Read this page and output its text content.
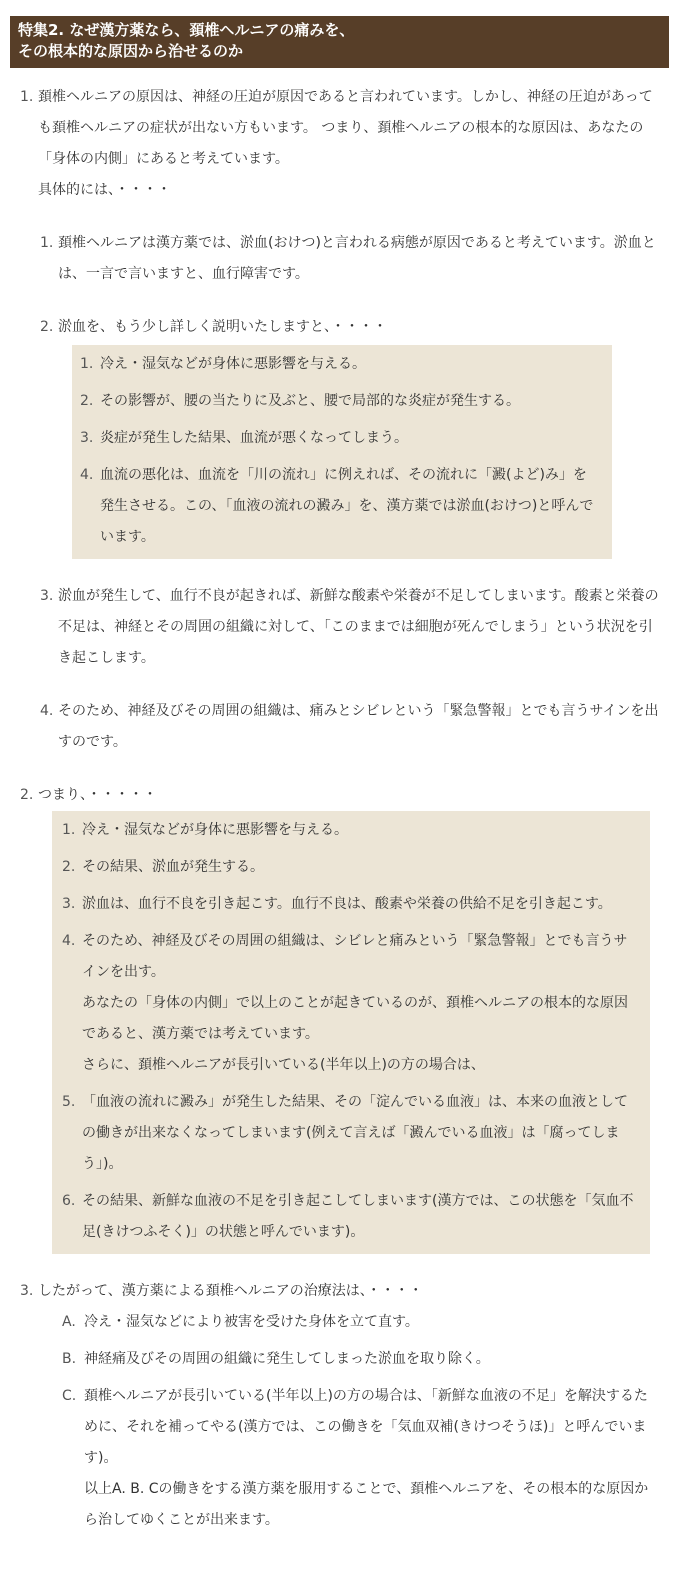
特集2. なぜ漢方薬なら、頚椎ヘルニアの痛みを、
その根本的な原因から治せるのか
1. 頚椎ヘルニアの原因は、神経の圧迫が原因であると言われています。しかし、神経の圧迫があっても頚椎ヘルニアの症状が出ない方もいます。 つまり、頚椎ヘルニアの根本的な原因は、あなたの「身体の内側」にあると考えています。
具体的には、・・・・
1. 頚椎ヘルニアは漢方薬では、淤血(おけつ)と言われる病態が原因であると考えています。淤血とは、一言で言いますと、血行障害です。
2. 淤血を、もう少し詳しく説明いたしますと、・・・・
1. 冷え・湿気などが身体に悪影響を与える。
2. その影響が、腰の当たりに及ぶと、腰で局部的な炎症が発生する。
3. 炎症が発生した結果、血流が悪くなってしまう。
4. 血流の悪化は、血流を「川の流れ」に例えれば、その流れに「澱(よど)み」を発生させる。この、「血液の流れの澱み」を、漢方薬では淤血(おけつ)と呼んでいます。
3. 淤血が発生して、血行不良が起きれば、新鮮な酸素や栄養が不足してしまいます。酸素と栄養の不足は、神経とその周囲の組織に対して、「このままでは細胞が死んでしまう」という状況を引き起こします。
4. そのため、神経及びその周囲の組織は、痛みとシビレという「緊急警報」とでも言うサインを出すのです。
2. つまり、・・・・・
1. 冷え・湿気などが身体に悪影響を与える。
2. その結果、淤血が発生する。
3. 淤血は、血行不良を引き起こす。血行不良は、酸素や栄養の供給不足を引き起こす。
4. そのため、神経及びその周囲の組織は、シビレと痛みという「緊急警報」とでも言うサインを出す。
あなたの「身体の内側」で以上のことが起きているのが、頚椎ヘルニアの根本的な原因であると、漢方薬では考えています。
さらに、頚椎ヘルニアが長引いている(半年以上)の方の場合は、
5. 「血液の流れに澱み」が発生した結果、その「淀んでいる血液」は、本来の血液としての働きが出来なくなってしまいます(例えて言えば「澱んでいる血液」は「腐ってしまう」)。
6. その結果、新鮮な血液の不足を引き起こしてしまいます(漢方では、この状態を「気血不足(きけつふそく)」の状態と呼んでいます)。
3. したがって、漢方薬による頚椎ヘルニアの治療法は、・・・・
A. 冷え・湿気などにより被害を受けた身体を立て直す。
B. 神経痛及びその周囲の組織に発生してしまった淤血を取り除く。
C. 頚椎ヘルニアが長引いている(半年以上)の方の場合は、「新鮮な血液の不足」を解決するために、それを補ってやる(漢方では、この働きを「気血双補(きけつそうほ)」と呼んでいます)。
以上A. B. Cの働きをする漢方薬を服用することで、頚椎ヘルニアを、その根本的な原因から治してゆくことが出来ます。
